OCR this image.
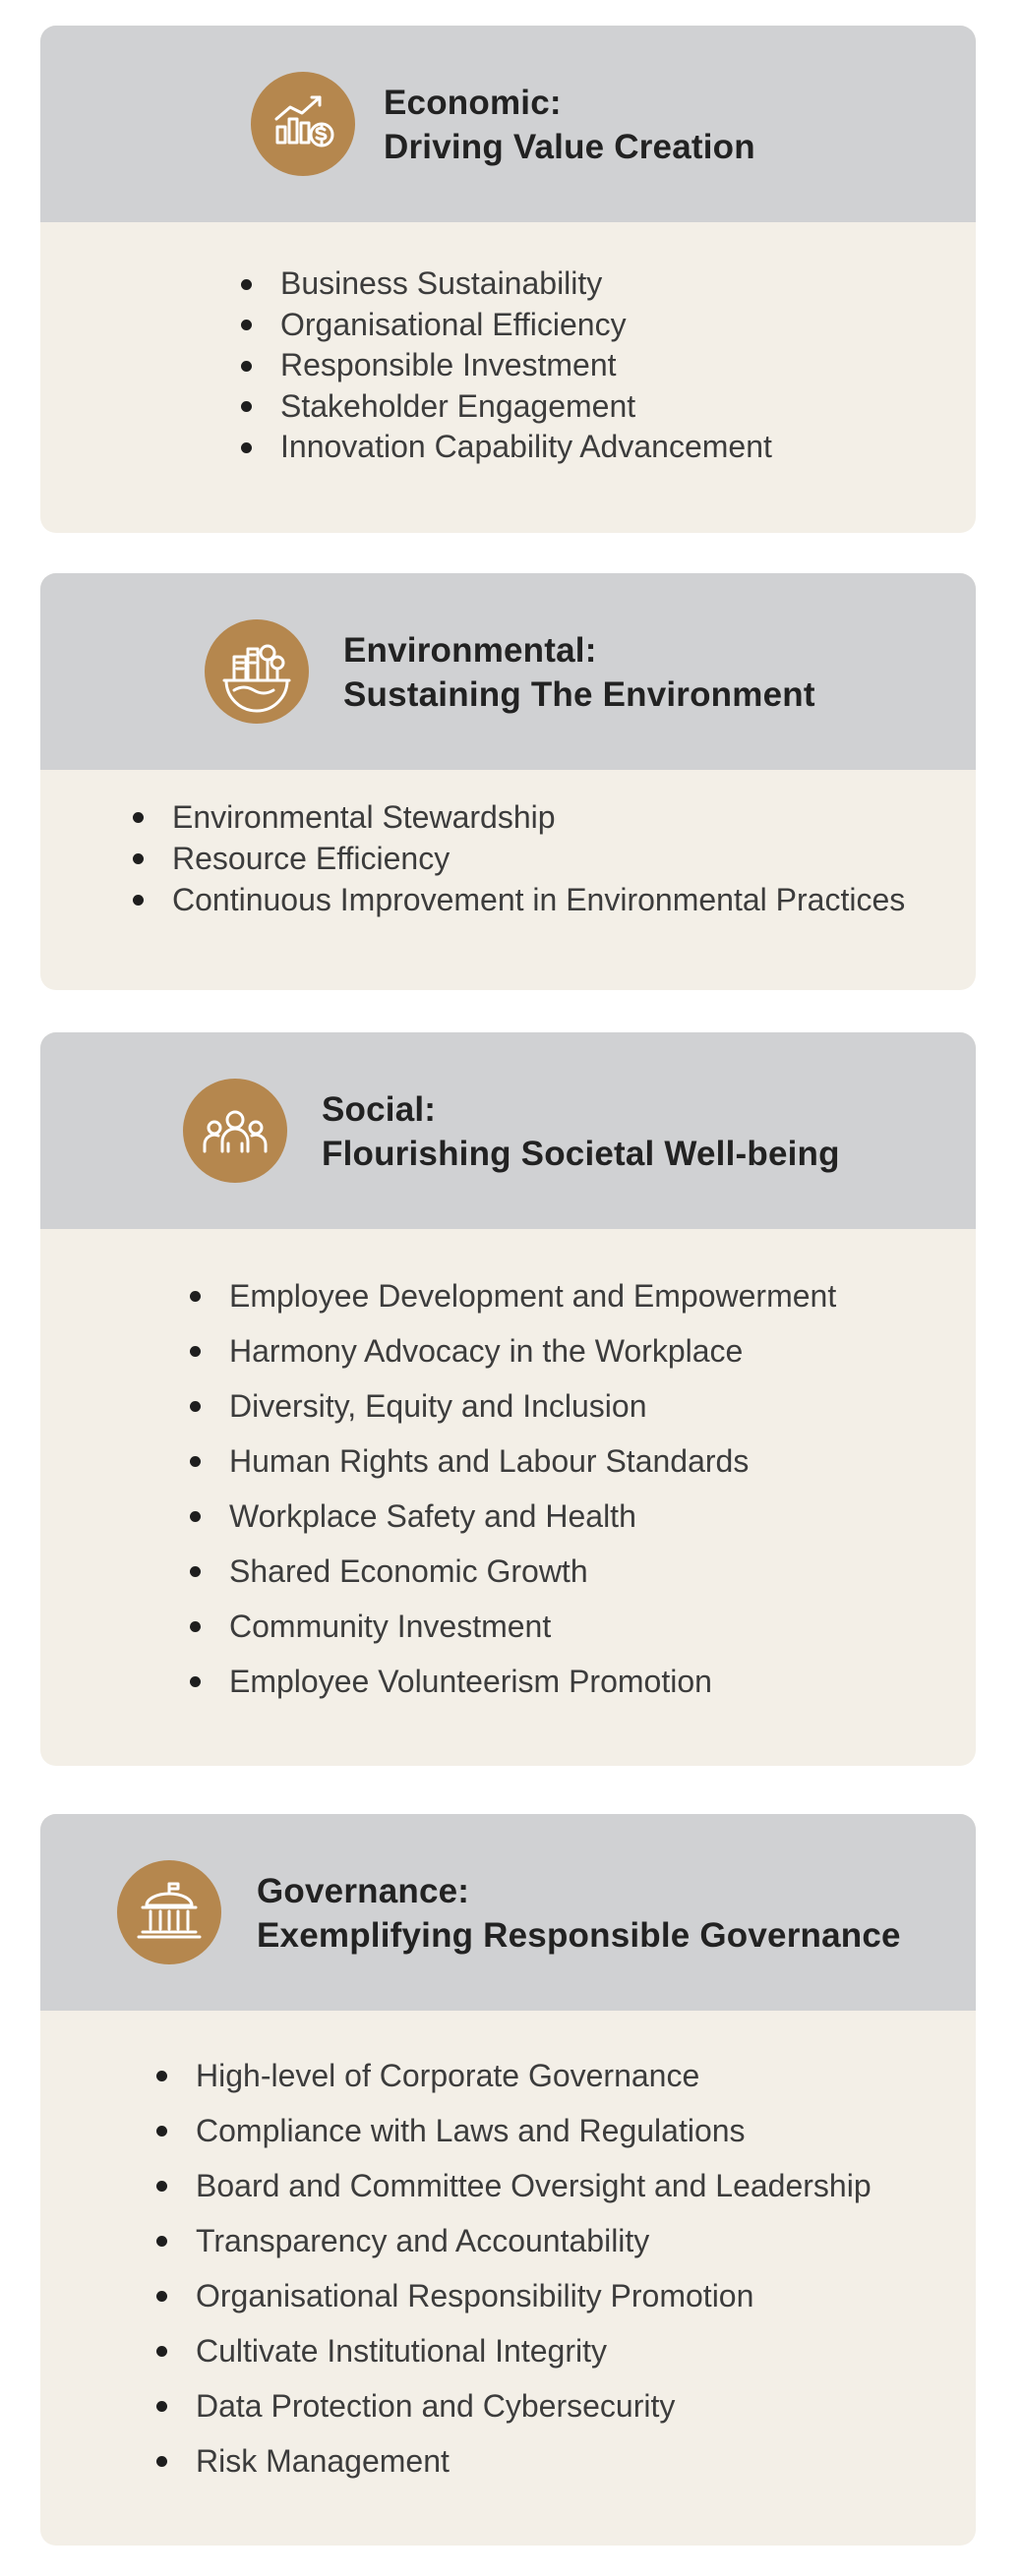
Economic:
Driving Value Creation
Business Sustainability
Organisational Efficiency
Responsible Investment
Stakeholder Engagement
Innovation Capability Advancement
Environmental:
Sustaining The Environment
Environmental Stewardship
Resource Efficiency
Continuous Improvement in Environmental Practices
Social:
Flourishing Societal Well-being
Employee Development and Empowerment
Harmony Advocacy in the Workplace
Diversity, Equity and Inclusion
Human Rights and Labour Standards
Workplace Safety and Health
Shared Economic Growth
Community Investment
Employee Volunteerism Promotion
Governance:
Exemplifying Responsible Governance
High-level of Corporate Governance
Compliance with Laws and Regulations
Board and Committee Oversight and Leadership
Transparency and Accountability
Organisational Responsibility Promotion
Cultivate Institutional Integrity
Data Protection and Cybersecurity
Risk Management
